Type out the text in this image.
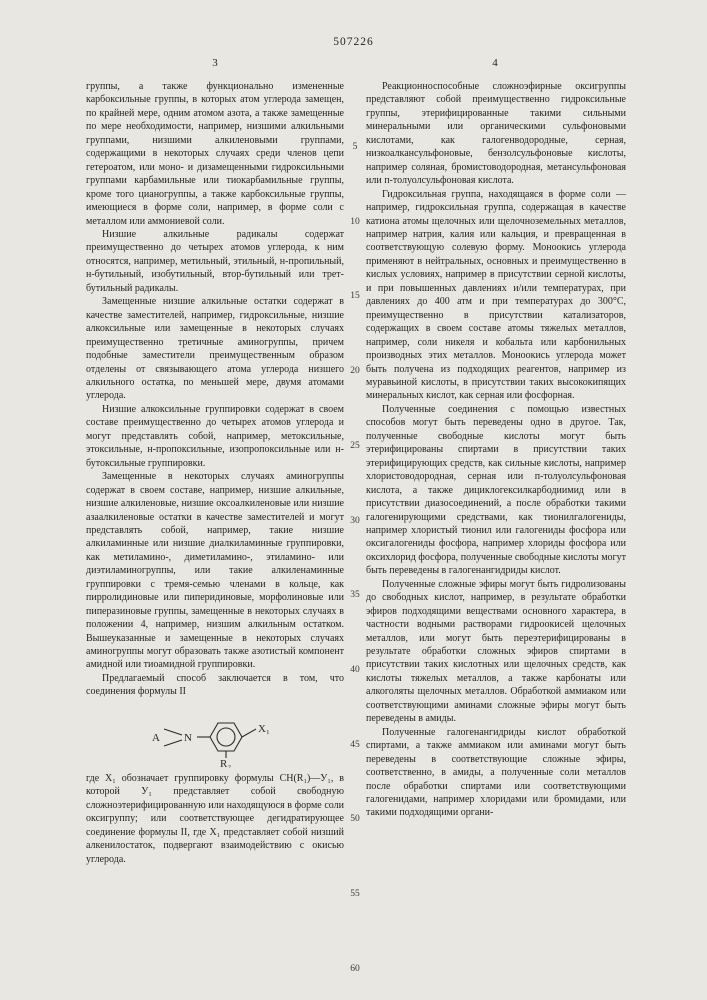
507226
3	4

группы, а также функционально измененные карбоксильные группы, в которых атом углерода замещен, по крайней мере, одним атомом азота, а также замещенные по мере необходимости, например, низшими алкильными группами, низшими алкиленовыми группами, содержащими в некоторых случаях среди членов цепи гетероатом, или моно- и дизамещенными гидроксильными группами карбамильные или тиокарбамильные группы, кроме того цианогруппы, а также карбоксильные группы, имеющиеся в форме соли, например, в форме соли с металлом или аммониевой соли.

Низшие алкильные радикалы содержат преимущественно до четырех атомов углерода, к ним относятся, например, метильный, этильный, н-пропильный, н-бутильный, изобутильный, втор-бутильный или трет-бутильный радикалы.

Замещенные низшие алкильные остатки содержат в качестве заместителей, например, гидроксильные, низшие алкоксильные или замещенные в некоторых случаях преимущественно третичные аминогруппы, причем подобные заместители преимущественным образом отделены от связывающего атома углерода низшего алкильного остатка, по меньшей мере, двумя атомами углерода.

Низшие алкоксильные группировки содержат в своем составе преимущественно до четырех атомов углерода и могут представлять собой, например, метоксильные, этоксильные, н-пропоксильные, изопропоксильные или н-бутоксильные группировки.

Замещенные в некоторых случаях аминогруппы содержат в своем составе, например, низшие алкильные, низшие алкиленовые, низшие оксоалкиленовые или низшие азаалкиленовые остатки в качестве заместителей и могут представлять собой, например, такие низшие алкиламинные или низшие диалкиламинные группировки, как метиламино-, диметиламино-, этиламино- или диэтиламиногруппы, или такие алкиленаминные группировки с тремя-семью членами в кольце, как пирролидиновые или пиперидиновые, морфолиновые или пиперазиновые группы, замещенные в некоторых случаях в положении 4, например, низшим алкильным остатком. Вышеуказанные и замещенные в некоторых случаях аминогруппы могут образовать также азотистый компонент амидной или тиоамидной группировки.

Предлагаемый способ заключается в том, что соединения формулы II

A N
X₁
R₂

где X₁ обозначает группировку формулы CH(R₁)—У₁, в которой У₁ представляет собой свободную сложноэтерифицированную или находящуюся в форме соли оксигруппу; или соответствующее дегидратирующее соединение формулы II, где X₁ представляет собой низший алкенилостаток, подвергают взаимодействию с окисью углерода.

5
10
15
20
25
30
35
40
45
50
55
60

Реакционноспособные сложноэфирные оксигруппы представляют собой преимущественно гидроксильные группы, этерифицированные такими сильными минеральными или органическими сульфоновыми кислотами, как галогенводородные, серная, низкоалкансульфоновые, бензолсульфоновые кислоты, например соляная, бромистоводородная, метансульфоновая или п-толуолсульфоновая кислота.

Гидроксильная группа, находящаяся в форме соли — например, гидроксильная группа, содержащая в качестве катиона атомы щелочных или щелочноземельных металлов, например натрия, калия или кальция, и превращенная в соответствующую солевую форму. Моноокись углерода применяют в нейтральных, основных и преимущественно в кислых условиях, например в присутствии серной кислоты, и при повышенных давлениях и/или температурах, при давлениях до 400 атм и при температурах до 300°С, преимущественно в присутствии катализаторов, содержащих в своем составе атомы тяжелых металлов, например, соли никеля и кобальта или карбонильных производных этих металлов. Моноокись углерода может быть получена из подходящих реагентов, например из муравьиной кислоты, в присутствии таких высококипящих минеральных кислот, как серная или фосфорная.

Полученные соединения с помощью известных способов могут быть переведены одно в другое. Так, полученные свободные кислоты могут быть этерифицированы спиртами в присутствии таких этерифицирующих средств, как сильные кислоты, например хлористоводородная, серная или п-толуолсульфоновая кислота, а также дициклогексилкарбодиимид или в присутствии диазосоединений, а после обработки такими галогенирующими средствами, как тионилгалогениды, например хлористый тионил или галогениды фосфора или оксигалогениды фосфора, например хлориды фосфора или оксихлорид фосфора, полученные свободные кислоты могут быть переведены в галогенангидриды кислот.

Полученные сложные эфиры могут быть гидролизованы до свободных кислот, например, в результате обработки эфиров подходящими веществами основного характера, в частности водными растворами гидроокисей щелочных металлов, или могут быть переэтерифицированы в результате обработки сложных эфиров спиртами в присутствии таких кислотных или щелочных средств, как кислоты тяжелых металлов, а также карбонаты или алкоголяты щелочных металлов. Обработкой аммиаком или соответствующими аминами сложные эфиры могут быть переведены в амиды.

Полученные галогенангидриды кислот обработкой спиртами, а также аммиаком или аминами могут быть переведены в соответствующие сложные эфиры, соответственно, в амиды, а полученные соли металлов после обработки спиртами или соответствующими галогенидами, например хлоридами или бромидами, или такими подходящими органи-
